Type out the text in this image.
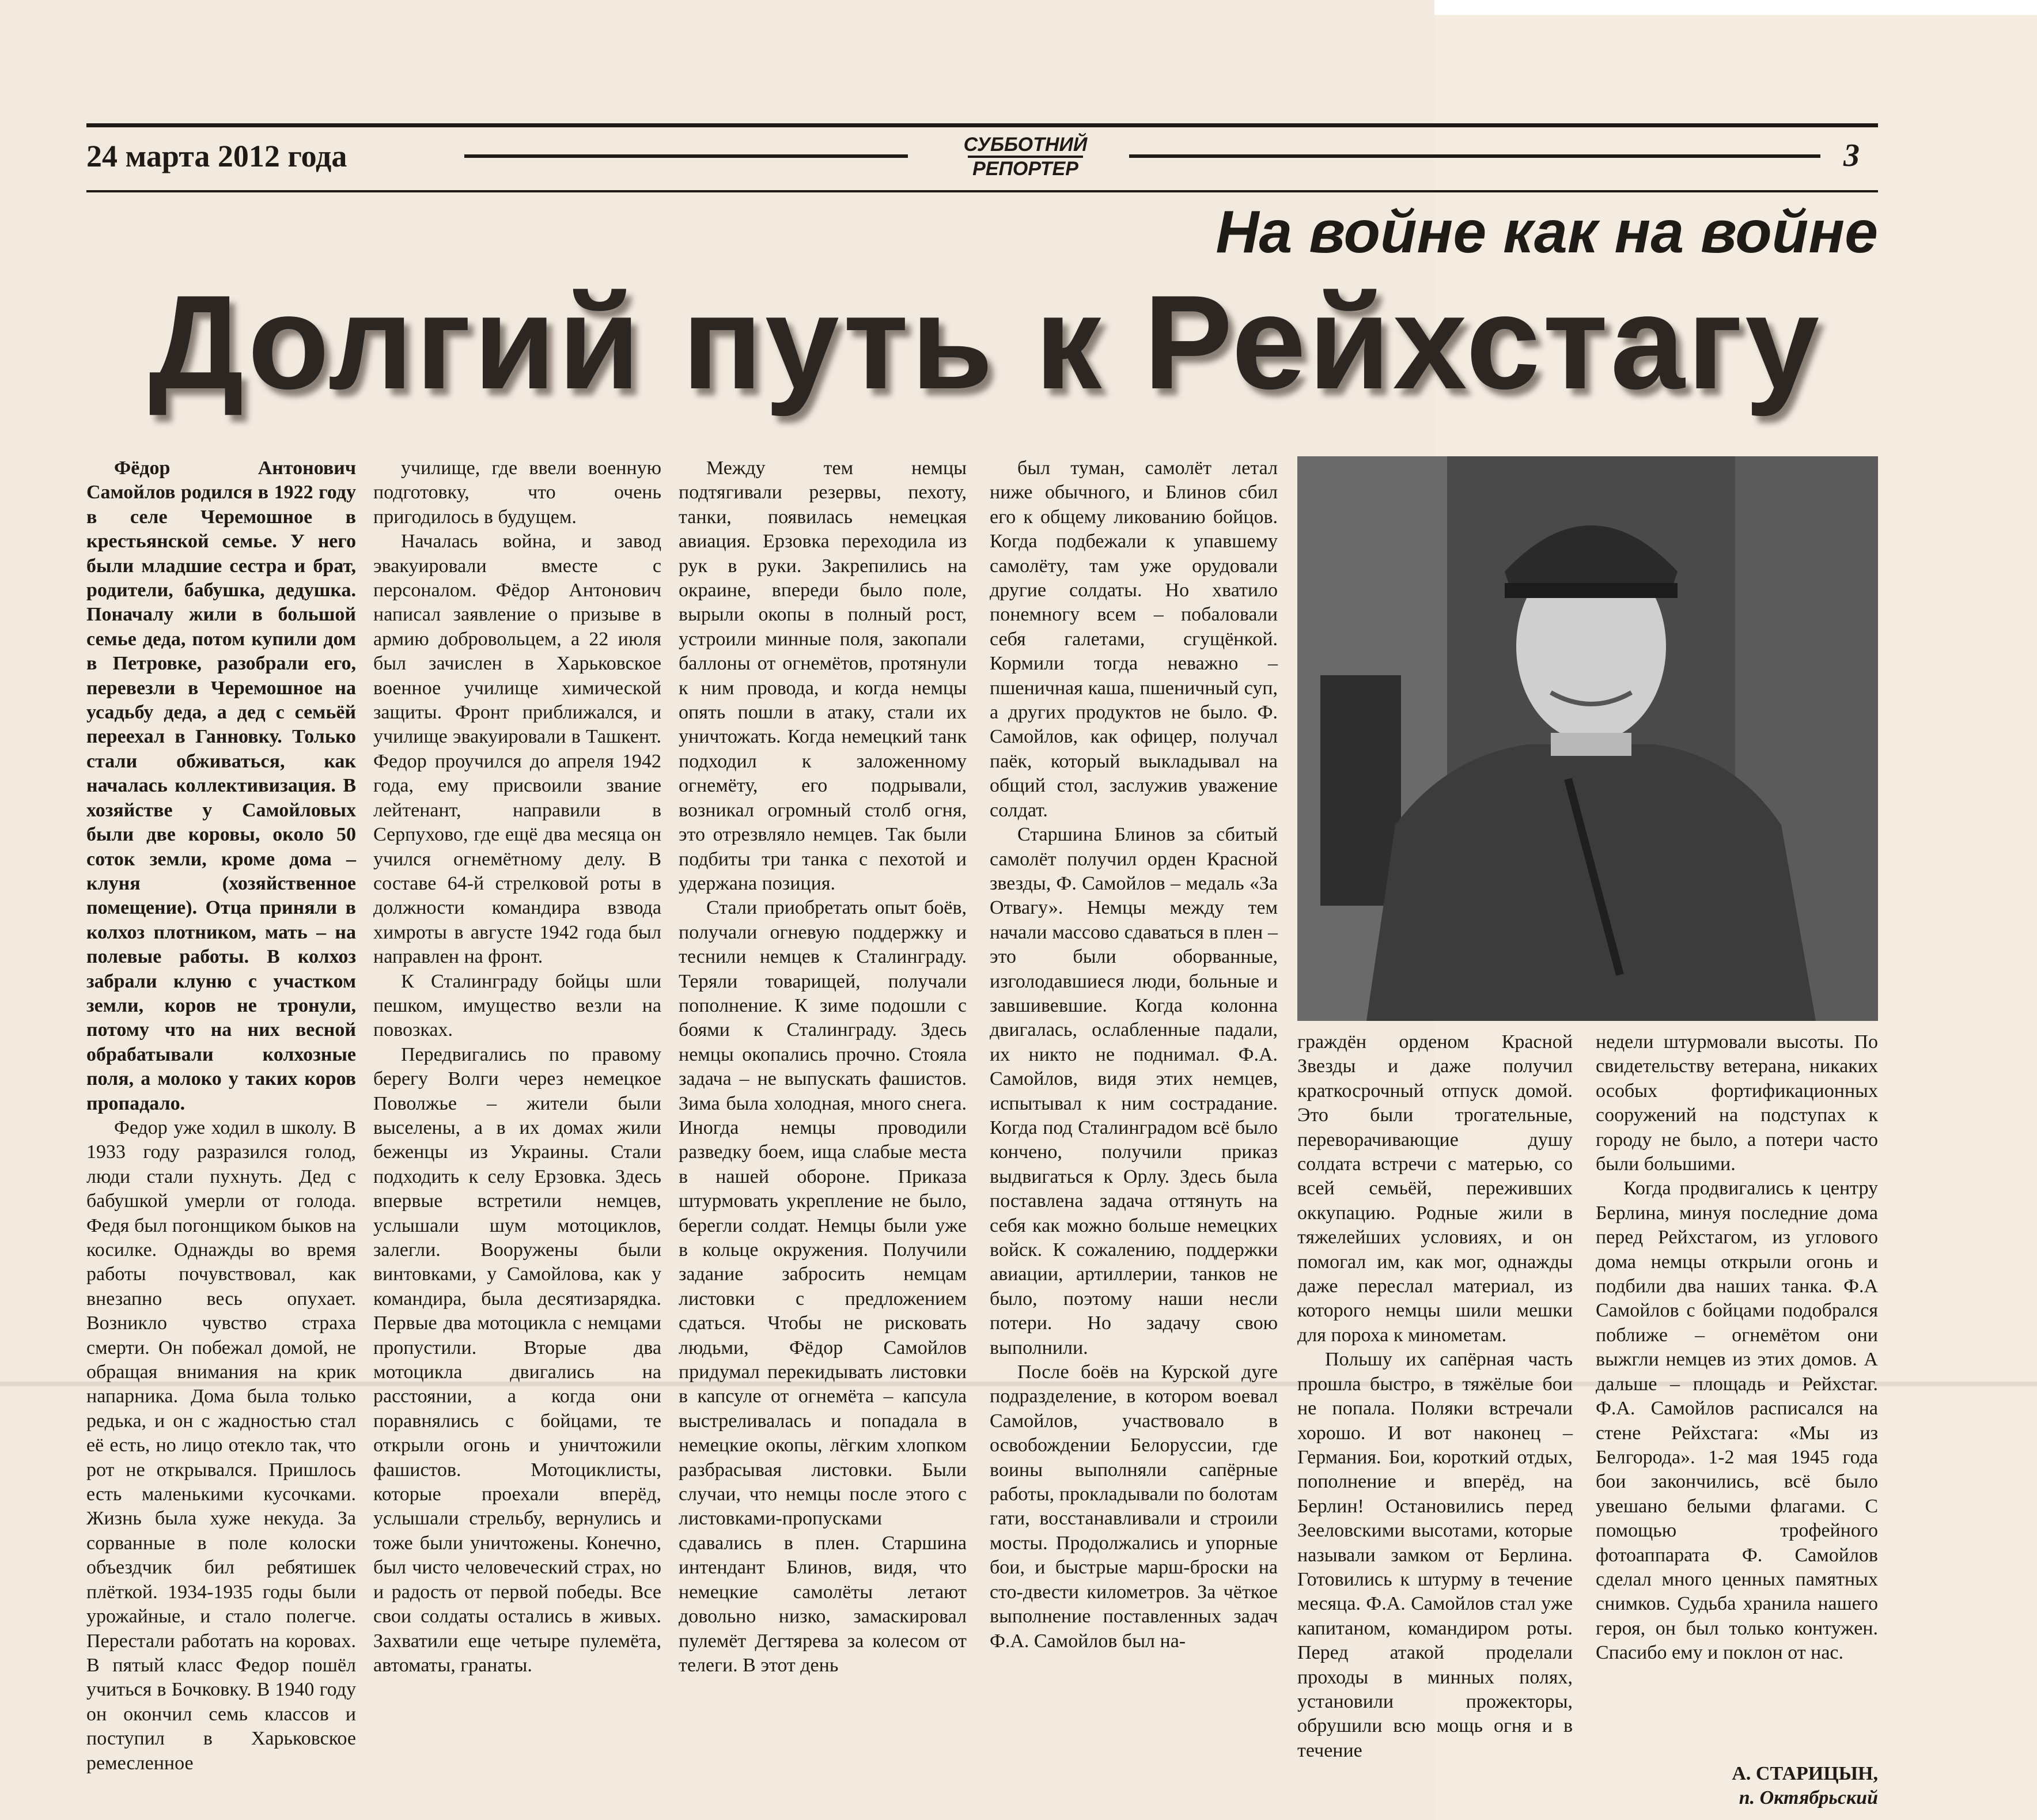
24 марта 2012 года	СУББОТНИЙ
РЕПОРТЕР	3
На войне как на войне
Долгий путь к Рейхстагу

Фёдор Антонович Самойлов родился в 1922 году в селе Черемошное в крестьянской семье. У него были младшие сестра и брат, родители, бабушка, дедушка. Поначалу жили в большой семье деда, потом купили дом в Петровке, разобрали его, перевезли в Черемошное на усадьбу деда, а дед с семьёй переехал в Ганновку. Только стали обживаться, как началась коллективизация. В хозяйстве у Самойловых были две коровы, около 50 соток земли, кроме дома – клуня (хозяйственное помещение). Отца приняли в колхоз плотником, мать – на полевые работы. В колхоз забрали клуню с участком земли, коров не тронули, потому что на них весной обрабатывали колхозные поля, а молоко у таких коров пропадало.

Федор уже ходил в школу. В 1933 году разразился голод, люди стали пухнуть. Дед с бабушкой умерли от голода. Федя был погонщиком быков на косилке. Однажды во время работы почувствовал, как внезапно весь опухает. Возникло чувство страха смерти. Он побежал домой, не обращая внимания на крик напарника. Дома была только редька, и он с жадностью стал её есть, но лицо отекло так, что рот не открывался. Пришлось есть маленькими кусочками. Жизнь была хуже некуда. За сорванные в поле колоски объездчик бил ребятишек плёткой. 1934-1935 годы были урожайные, и стало полегче. Перестали работать на коровах. В пятый класс Федор пошёл учиться в Бочковку. В 1940 году он окончил семь классов и поступил в Харьковское ремесленное

училище, где ввели военную подготовку, что очень пригодилось в будущем.

Началась война, и завод эвакуировали вместе с персоналом. Фёдор Антонович написал заявление о призыве в армию добровольцем, а 22 июля был зачислен в Харьковское военное училище химической защиты. Фронт приближался, и училище эвакуировали в Ташкент. Федор проучился до апреля 1942 года, ему присвоили звание лейтенант, направили в Серпухово, где ещё два месяца он учился огнемётному делу. В составе 64-й стрелковой роты в должности командира взвода химроты в августе 1942 года был направлен на фронт.

К Сталинграду бойцы шли пешком, имущество везли на повозках.

Передвигались по правому берегу Волги через немецкое Поволжье – жители были выселены, а в их домах жили беженцы из Украины. Стали подходить к селу Ерзовка. Здесь впервые встретили немцев, услышали шум мотоциклов, залегли. Вооружены были винтовками, у Самойлова, как у командира, была десятизарядка. Первые два мотоцикла с немцами пропустили. Вторые два мотоцикла двигались на расстоянии, а когда они поравнялись с бойцами, те открыли огонь и уничтожили фашистов. Мотоциклисты, которые проехали вперёд, услышали стрельбу, вернулись и тоже были уничтожены. Конечно, был чисто человеческий страх, но и радость от первой победы. Все свои солдаты остались в живых. Захватили еще четыре пулемёта, автоматы, гранаты.

Между тем немцы подтягивали резервы, пехоту, танки, появилась немецкая авиация. Ерзовка переходила из рук в руки. Закрепились на окраине, впереди было поле, вырыли окопы в полный рост, устроили минные поля, закопали баллоны от огнемётов, протянули к ним провода, и когда немцы опять пошли в атаку, стали их уничтожать. Когда немецкий танк подходил к заложенному огнемёту, его подрывали, возникал огромный столб огня, это отрезвляло немцев. Так были подбиты три танка с пехотой и удержана позиция.

Стали приобретать опыт боёв, получали огневую поддержку и теснили немцев к Сталинграду. Теряли товарищей, получали пополнение. К зиме подошли с боями к Сталинграду. Здесь немцы окопались прочно. Стояла задача – не выпускать фашистов. Зима была холодная, много снега. Иногда немцы проводили разведку боем, ища слабые места в нашей обороне. Приказа штурмовать укрепление не было, берегли солдат. Немцы были уже в кольце окружения. Получили задание забросить немцам листовки с предложением сдаться. Чтобы не рисковать людьми, Фёдор Самойлов придумал перекидывать листовки в капсуле от огнемёта – капсула выстреливалась и попадала в немецкие окопы, лёгким хлопком разбрасывая листовки. Были случаи, что немцы после этого с листовками-пропусками сдавались в плен. Старшина интендант Блинов, видя, что немецкие самолёты летают довольно низко, замаскировал пулемёт Дегтярева за колесом от телеги. В этот день

был туман, самолёт летал ниже обычного, и Блинов сбил его к общему ликованию бойцов. Когда подбежали к упавшему самолёту, там уже орудовали другие солдаты. Но хватило понемногу всем – побаловали себя галетами, сгущёнкой. Кормили тогда неважно – пшеничная каша, пшеничный суп, а других продуктов не было. Ф. Самойлов, как офицер, получал паёк, который выкладывал на общий стол, заслужив уважение солдат.

Старшина Блинов за сбитый самолёт получил орден Красной звезды, Ф. Самойлов – медаль «За Отвагу». Немцы между тем начали массово сдаваться в плен – это были оборванные, изголодавшиеся люди, больные и завшивевшие. Когда колонна двигалась, ослабленные падали, их никто не поднимал. Ф.А. Самойлов, видя этих немцев, испытывал к ним сострадание. Когда под Сталинградом всё было кончено, получили приказ выдвигаться к Орлу. Здесь была поставлена задача оттянуть на себя как можно больше немецких войск. К сожалению, поддержки авиации, артиллерии, танков не было, поэтому наши несли потери. Но задачу свою выполнили.

После боёв на Курской дуге подразделение, в котором воевал Самойлов, участвовало в освобождении Белоруссии, где воины выполняли сапёрные работы, прокладывали по болотам гати, восстанавливали и строили мосты. Продолжались и упорные бои, и быстрые марш-броски на сто-двести километров. За чёткое выполнение поставленных задач Ф.А. Самойлов был на-

граждён орденом Красной Звезды и даже получил краткосрочный отпуск домой. Это были трогательные, переворачивающие душу солдата встречи с матерью, со всей семьёй, переживших оккупацию. Родные жили в тяжелейших условиях, и он помогал им, как мог, однажды даже переслал материал, из которого немцы шили мешки для пороха к минометам.

Польшу их сапёрная часть прошла быстро, в тяжёлые бои не попала. Поляки встречали хорошо. И вот наконец – Германия. Бои, короткий отдых, пополнение и вперёд, на Берлин! Остановились перед Зееловскими высотами, которые называли замком от Берлина. Готовились к штурму в течение месяца. Ф.А. Самойлов стал уже капитаном, командиром роты. Перед атакой проделали проходы в минных полях, установили прожекторы, обрушили всю мощь огня и в течение

недели штурмовали высоты. По свидетельству ветерана, никаких особых фортификационных сооружений на подступах к городу не было, а потери часто были большими.

Когда продвигались к центру Берлина, минуя последние дома перед Рейхстагом, из углового дома немцы открыли огонь и подбили два наших танка. Ф.А Самойлов с бойцами подобрался поближе – огнемётом они выжгли немцев из этих домов. А дальше – площадь и Рейхстаг. Ф.А. Самойлов расписался на стене Рейхстага: «Мы из Белгорода». 1-2 мая 1945 года бои закончились, всё было увешано белыми флагами. С помощью трофейного фотоаппарата Ф. Самойлов сделал много ценных памятных снимков. Судьба хранила нашего героя, он был только контужен. Спасибо ему и поклон от нас.

А. СТАРИЦЫН,
п. Октябрьский
